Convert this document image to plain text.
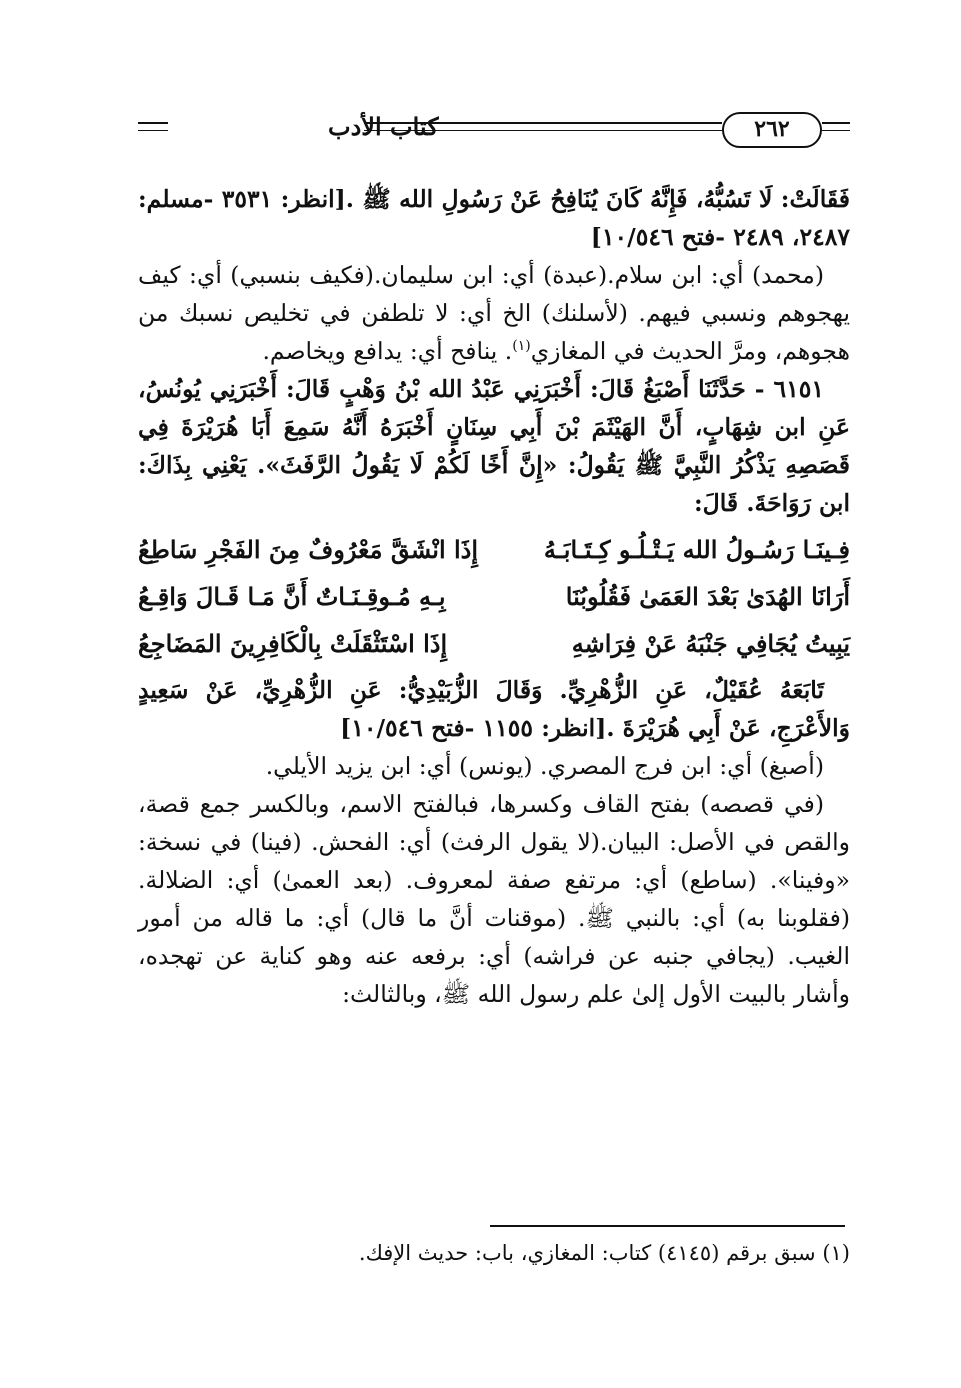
كتاب الأدب	٢٦٢

فَقَالَتْ: لَا تَسُبُّهُ، فَإِنَّهُ كَانَ يُنَافِحُ عَنْ رَسُولِ الله ﷺ .[انظر: ٣٥٣١ -مسلم: ٢٤٨٧، ٢٤٨٩ -فتح ١٠/٥٤٦]

(محمد) أي: ابن سلام.(عبدة) أي: ابن سليمان.(فكيف بنسبي) أي: كيف يهجوهم ونسبي فيهم. (لأسلنك) الخ أي: لا تلطفن في تخليص نسبك من هجوهم، ومرَّ الحديث في المغازي$^{(١)}$. ينافح أي: يدافع ويخاصم.

٦١٥١ - حَدَّثَنَا أَصْبَغُ قَالَ: أَخْبَرَنِي عَبْدُ الله بْنُ وَهْبٍ قَالَ: أَخْبَرَنِي يُونُسُ، عَنِ ابن شِهَابٍ، أَنَّ الهَيْثَمَ بْنَ أَبِي سِنَانٍ أَخْبَرَهُ أَنَّهُ سَمِعَ أَبَا هُرَيْرَةَ فِي قَصَصِهِ يَذْكُرُ النَّبِيَّ ﷺ يَقُولُ: «إِنَّ أَخًا لَكُمْ لَا يَقُولُ الرَّفَثَ». يَعْنِي بِذَاكَ: ابن رَوَاحَةَ. قَالَ:

فِـينَـا رَسُـولُ الله يَـتْـلُـو كِـتَـابَـهُ
إِذَا انْشَقَّ مَعْرُوفٌ مِنَ الفَجْرِ سَاطِعُ
أَرَانَا الهُدَىٰ بَعْدَ العَمَىٰ فَقُلُوبُنَا
بِـهِ مُـوقِـنَـاتٌ أَنَّ مَـا قَـالَ وَاقِـعُ
يَبِيتُ يُجَافِي جَنْبَهُ عَنْ فِرَاشِهِ
إِذَا اسْتَثْقَلَتْ بِالْكَافِرِينَ المَضَاجِعُ

تَابَعَهُ عُقَيْلٌ، عَنِ الزُّهْرِيِّ. وَقَالَ الزُّبَيْدِيُّ: عَنِ الزُّهْرِيِّ، عَنْ سَعِيدٍ وَالأَعْرَجِ، عَنْ أَبِي هُرَيْرَةَ .[انظر: ١١٥٥ -فتح ١٠/٥٤٦]

(أصبغ) أي: ابن فرج المصري. (يونس) أي: ابن يزيد الأيلي.

(في قصصه) بفتح القاف وكسرها، فبالفتح الاسم، وبالكسر جمع قصة، والقص في الأصل: البيان.(لا يقول الرفث) أي: الفحش. (فينا) في نسخة: «وفينا». (ساطع) أي: مرتفع صفة لمعروف. (بعد العمىٰ) أي: الضلالة. (فقلوبنا به) أي: بالنبي ﷺ. (موقنات أنَّ ما قال) أي: ما قاله من أمور الغيب. (يجافي جنبه عن فراشه) أي: برفعه عنه وهو كناية عن تهجده، وأشار بالبيت الأول إلىٰ علم رسول الله ﷺ، وبالثالث:

(١) سبق برقم (٤١٤٥) كتاب: المغازي، باب: حديث الإفك.
